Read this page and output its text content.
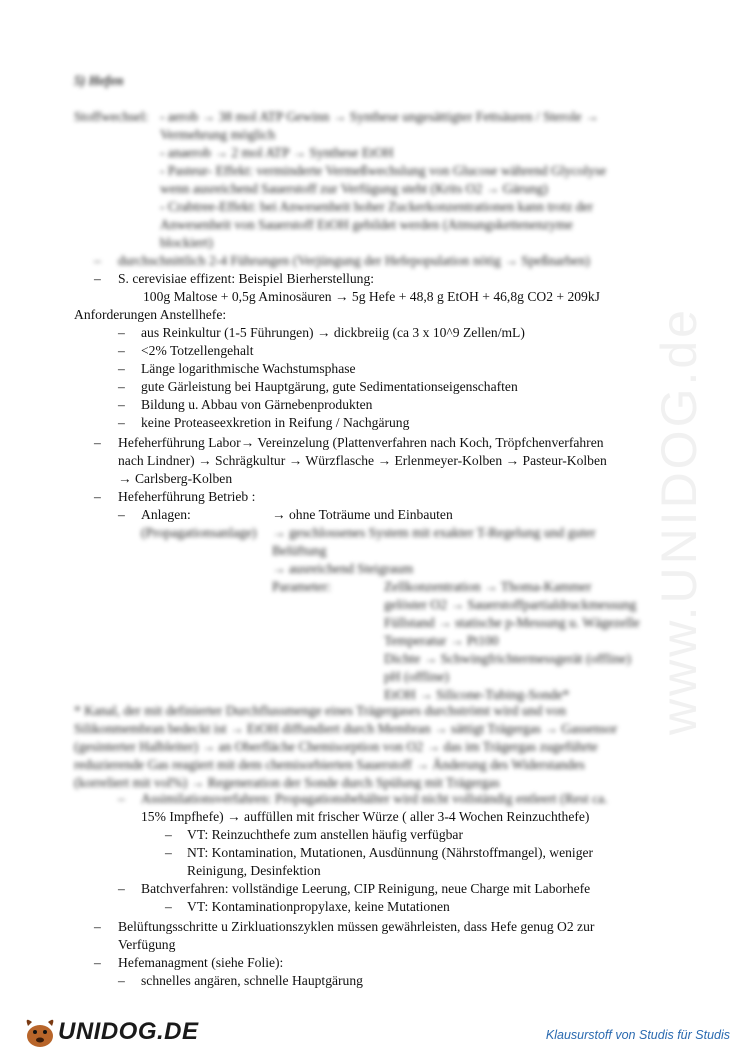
www.UNIDOG.de
5) Hefen
Stoffwechsel: - aerob → 38 mol ATP Gewinn → Synthese ungesättigter Fettsäuren / Sterole →
Vermehrung möglich
- anaerob → 2 mol ATP → Synthese EtOH
- Pasteur- Effekt: verminderte Vermeßwechslung von Glucose während Glycolyse
wenn ausreichend Sauerstoff zur Verfügung steht (Krits O2 → Gärung)
- Crabtree-Effekt: bei Anwesenheit hoher Zuckerkonzentrationen kann trotz der
Anwesenheit von Sauerstoff EtOH gebildet werden (Atmungskettenenzyme
blockiert)
– durchschnittlich 2-4 Führungen (Verjüngung der Hefepopulation nötig → Speßnarben)
– S. cerevisiae effizent: Beispiel Bierherstellung:
100g Maltose + 0,5g Aminosäuren → 5g Hefe + 48,8 g EtOH + 46,8g CO2 + 209kJ
Anforderungen Anstellhefe:
– aus Reinkultur (1-5 Führungen) → dickbreiig (ca 3 x 10^9 Zellen/mL)
– <2% Totzellengehalt
– Länge logarithmische Wachstumsphase
– gute Gärleistung bei Hauptgärung, gute Sedimentationseigenschaften
– Bildung u. Abbau von Gärnebenprodukten
– keine Proteaseexkretion in Reifung / Nachgärung
– Hefeherführung Labor→ Vereinzelung (Plattenverfahren nach Koch, Tröpfchenverfahren
nach Lindner) → Schrägkultur → Würzflasche → Erlenmeyer-Kolben → Pasteur-Kolben
→ Carlsberg-Kolben
– Hefeherführung Betrieb :
– Anlagen:	→ ohne Toträume und Einbauten
(Propagationsanlage) → geschlossenes System mit exakter T-Regelung und guter
Belüftung
→ ausreichend Steigraum
Parameter:	Zellkonzentration → Thoma-Kammer
gelöster O2 → Sauerstoffpartialdruckmessung
Füllstand → statische p-Messung u. Wägezelle
Temperatur → Pt100
Dichte → Schwingfrichtermessgerät (offline)
pH (offline)
EtOH → Silicone-Tubing-Sonde*
* Kanal, der mit definierter Durchflussmenge eines Trägergases durchströmt wird und von
Silikonmembran bedeckt ist → EtOH diffundiert durch Membran → sättigt Trägergas → Gassensor
(gesinterter Halbleiter) → an Oberfläche Chemisorption von O2 → das im Trägergas zugeführte
reduzierende Gas reagiert mit dem chemisorbierten Sauerstoff → Änderung des Widerstandes
(korreliert mit vol%) → Regeneration der Sonde durch Spülung mit Trägergas
– Assimilationsverfahren: Propagationsbehälter wird nicht vollständig entleert (Rest ca.
15% Impfhefe) → auffüllen mit frischer Würze ( aller 3-4 Wochen Reinzuchthefe)
– VT: Reinzuchthefe zum anstellen häufig verfügbar
– NT: Kontamination, Mutationen, Ausdünnung (Nährstoffmangel), weniger
Reinigung, Desinfektion
– Batchverfahren: vollständige Leerung, CIP Reinigung, neue Charge mit Laborhefe
– VT: Kontaminationpropylaxe, keine Mutationen
– Belüftungsschritte u Zirkluationszyklen müssen gewährleisten, dass Hefe genug O2 zur
Verfügung
– Hefemanagment (siehe Folie):
– schnelles angären, schnelle Hauptgärung
UNIDOG.DE	Klausurstoff von Studis für Studis
